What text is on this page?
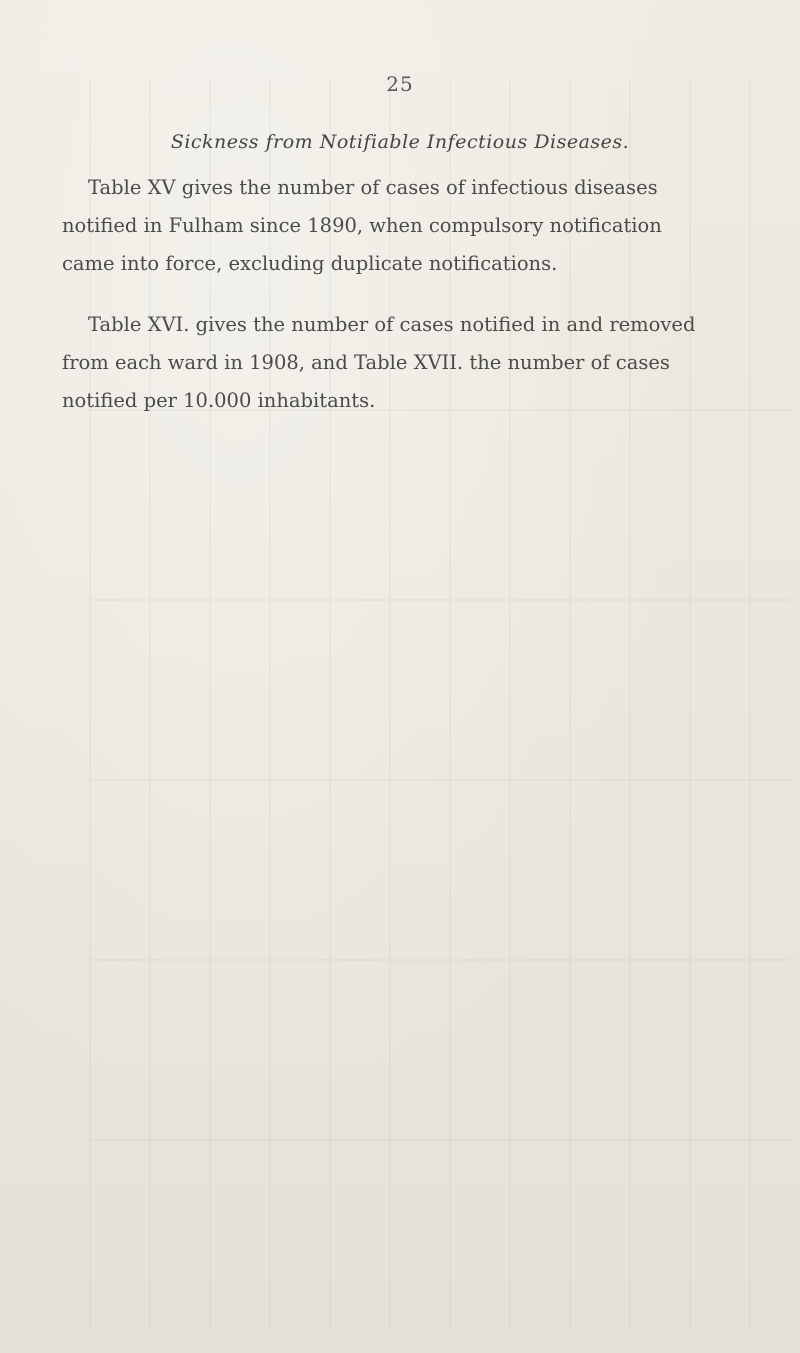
25
Sickness from Notifiable Infectious Diseases.
Table XV gives the number of cases of infectious diseases
notified in Fulham since 1890, when compulsory notification
came into force, excluding duplicate notifications.
Table XVI. gives the number of cases notified in and removed
from each ward in 1908, and Table XVII. the number of cases
notified per 10.000 inhabitants.
